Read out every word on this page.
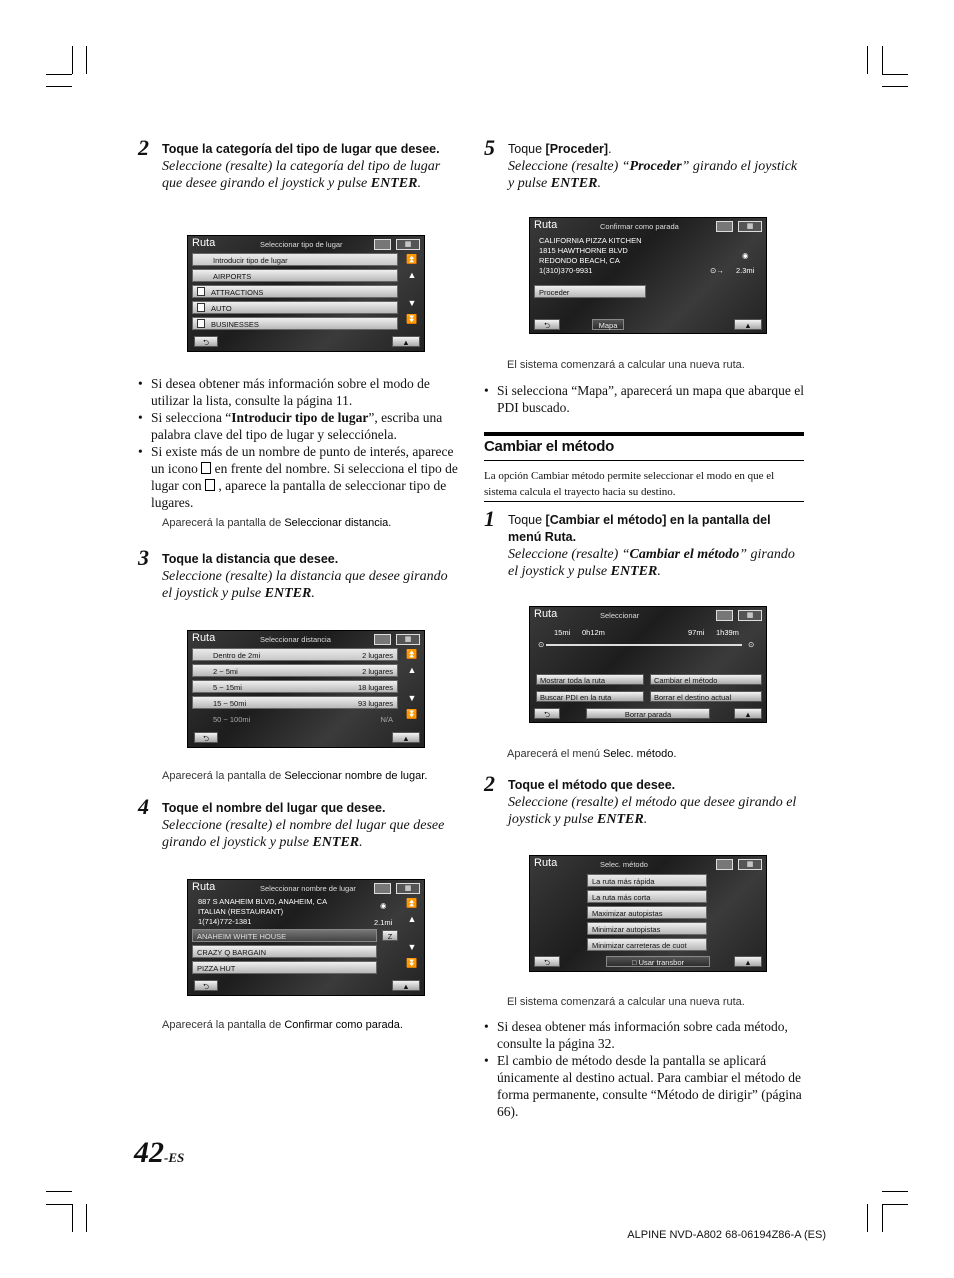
2 Toque la categoría del tipo de lugar que desee.
Seleccione (resalte) la categoría del tipo de lugar que desee girando el joystick y pulse ENTER.
Ruta	Seleccionar tipo de lugar	▦
Introducir tipo de lugar
AIRPORTS
ATTRACTIONS
AUTO
BUSINESSES
⏫
▲
▼
⏬
⮌	▲
• Si desea obtener más información sobre el modo de utilizar la lista, consulte la página 11.
• Si selecciona “Introducir tipo de lugar”, escriba una palabra clave del tipo de lugar y selecciónela.
• Si existe más de un nombre de punto de interés, aparece un icono  en frente del nombre. Si selecciona el tipo de lugar con  , aparece la pantalla de seleccionar tipo de lugares.
Aparecerá la pantalla de Seleccionar distancia.
3 Toque la distancia que desee.
Seleccione (resalte) la distancia que desee girando el joystick y pulse ENTER.
Ruta	Seleccionar distancia	▦
Dentro de 2mi	2 lugares
2 ~ 5mi	2 lugares
5 ~ 15mi	18 lugares
15 ~ 50mi	93 lugares
50 ~ 100mi	N/A
⏫
▲
▼
⏬
⮌	▲
Aparecerá la pantalla de Seleccionar nombre de lugar.
4 Toque el nombre del lugar que desee.
Seleccione (resalte) el nombre del lugar que desee girando el joystick y pulse ENTER.
Ruta	Seleccionar nombre de lugar	▦
887 S ANAHEIM BLVD, ANAHEIM, CA
ITALIAN (RESTAURANT)
1(714)772-1381
◉
2.1mi
ANAHEIM WHITE HOUSE	Z
CRAZY Q BARGAIN
PIZZA HUT
⏫
▲
▼
⏬
⮌	▲
Aparecerá la pantalla de Confirmar como parada.
5 Toque [Proceder].
Seleccione (resalte) “Proceder” girando el joystick y pulse ENTER.
Ruta	Confirmar como parada	▦
CALIFORNIA PIZZA KITCHEN
1815 HAWTHORNE BLVD
REDONDO BEACH, CA
1(310)370-9931
◉
⊙→ 2.3mi
Proceder
⮌	Mapa	▲
El sistema comenzará a calcular una nueva ruta.
• Si selecciona “Mapa”, aparecerá un mapa que abarque el PDI buscado.
Cambiar el método
La opción Cambiar método permite seleccionar el modo en que el sistema calcula el trayecto hacia su destino.
1 Toque [Cambiar el método] en la pantalla del menú Ruta.
Seleccione (resalte) “Cambiar el método” girando el joystick y pulse ENTER.
Ruta	Seleccionar	▦
15mi 0h12m	97mi 1h39m
⊙	⊙
Mostrar toda la ruta	Cambiar el método
Buscar PDI en la ruta	Borrar el destino actual
⮌	Borrar parada	▲
Aparecerá el menú Selec. método.
2 Toque el método que desee.
Seleccione (resalte) el método que desee girando el joystick y pulse ENTER.
Ruta	Selec. método	▦
La ruta más rápida
La ruta más corta
Maximizar autopistas
Minimizar autopistas
Minimizar carreteras de cuot
⮌	□ Usar transbor	▲
El sistema comenzará a calcular una nueva ruta.
• Si desea obtener más información sobre cada método, consulte la página 32.
• El cambio de método desde la pantalla se aplicará únicamente al destino actual. Para cambiar el método de forma permanente, consulte “Método de dirigir” (página 66).
42-ES
ALPINE NVD-A802 68-06194Z86-A (ES)
